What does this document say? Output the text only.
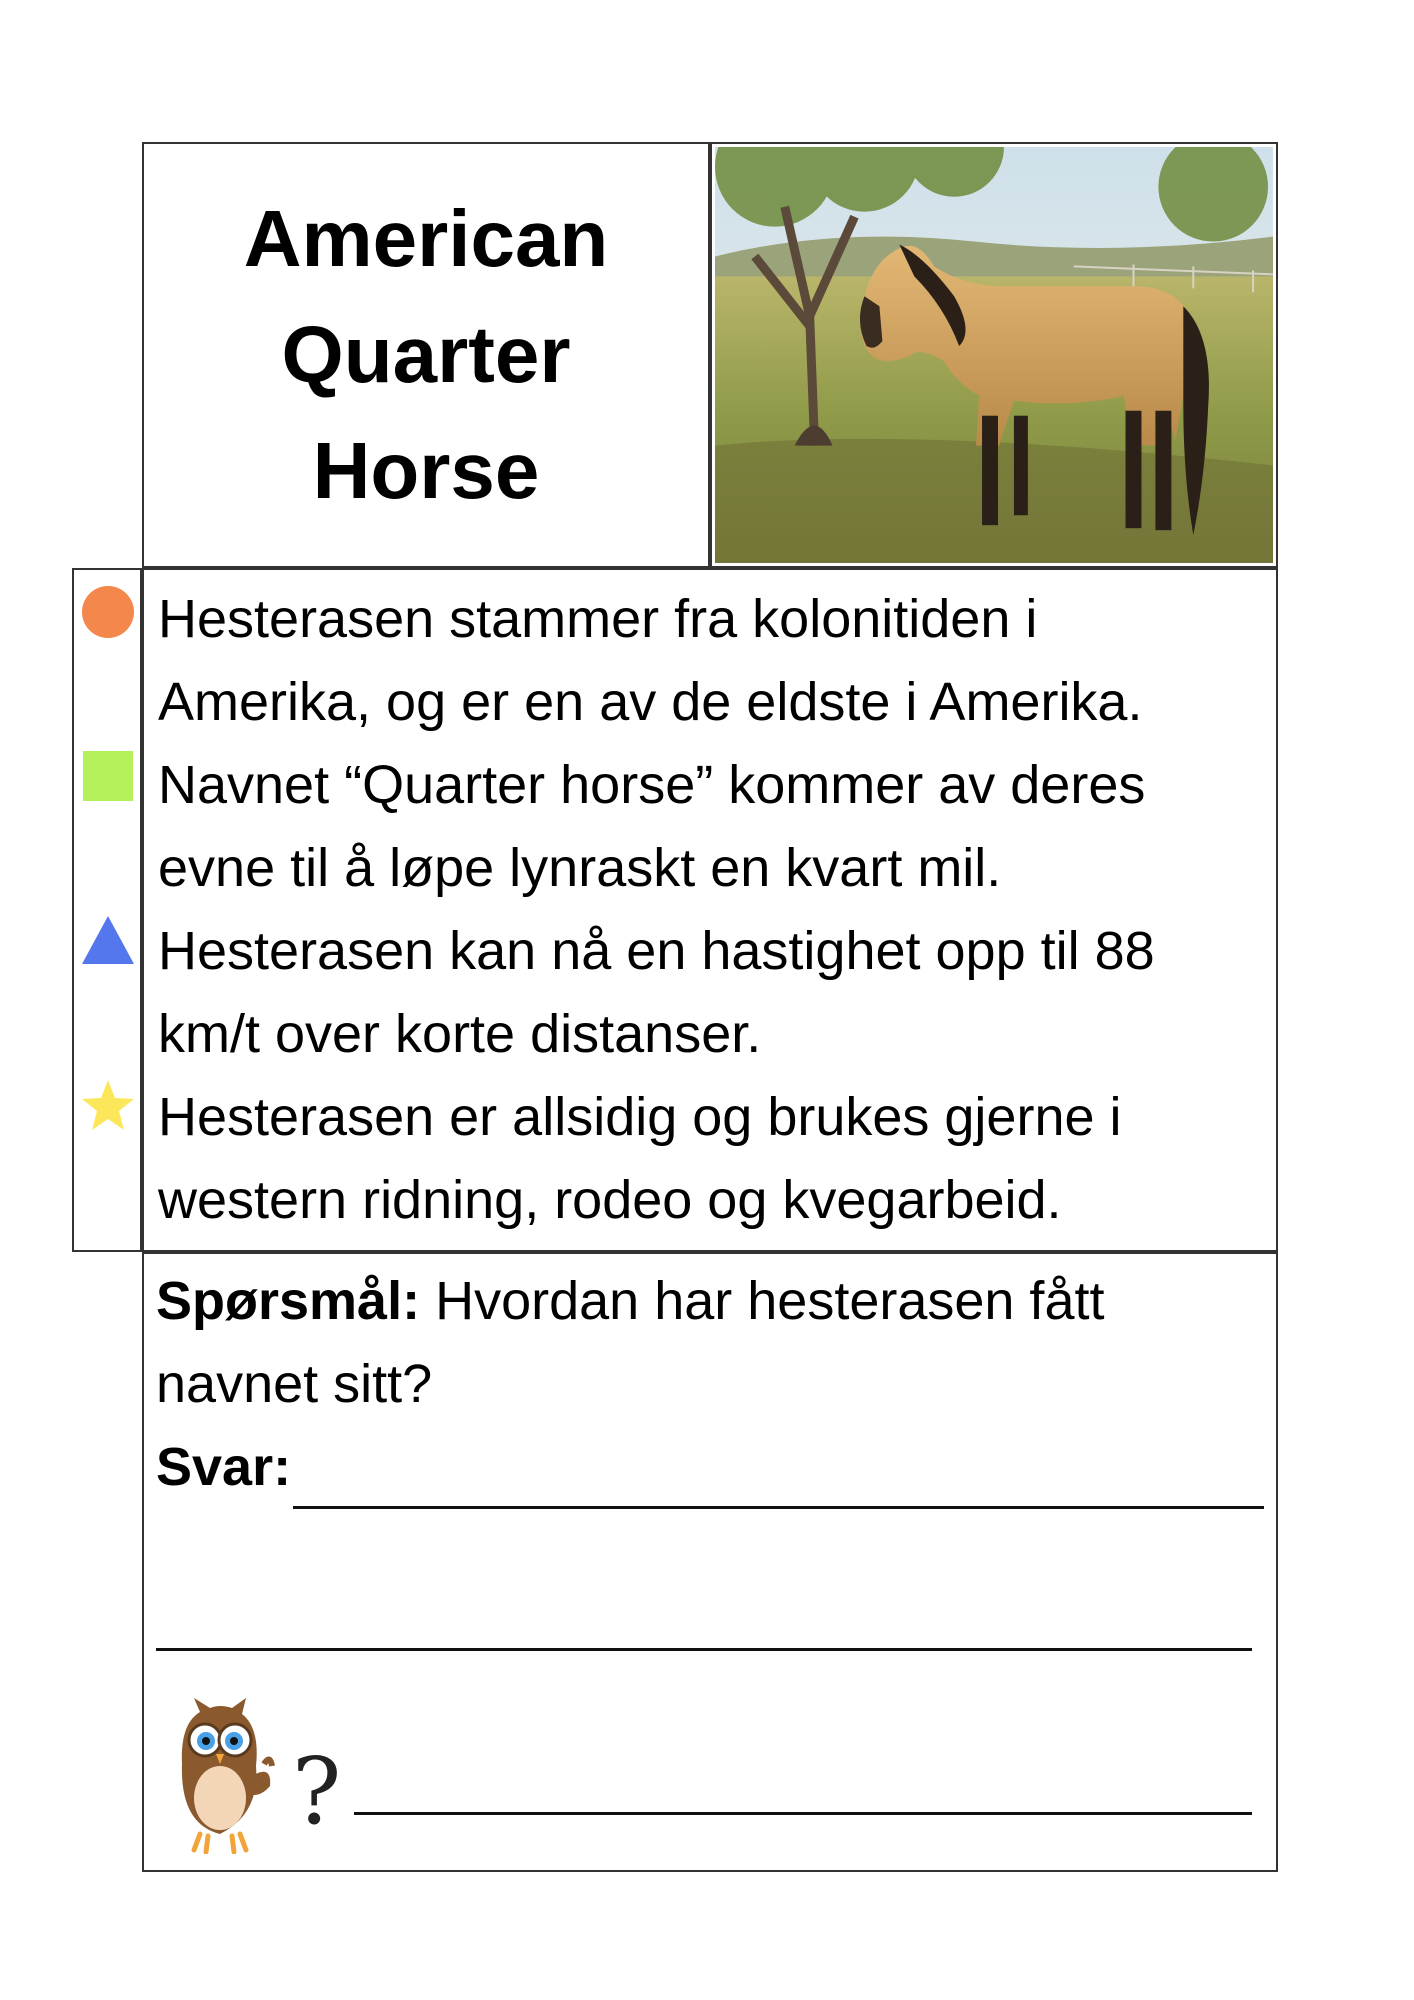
American
Quarter
Horse

Hesterasen stammer fra kolonitiden i

Amerika, og er en av de eldste i Amerika.

Navnet “Quarter horse” kommer av deres

evne til å løpe lynraskt en kvart mil.

Hesterasen kan nå en hastighet opp til 88

km/t over korte distanser.

Hesterasen er allsidig og brukes gjerne i

western ridning, rodeo og kvegarbeid.

Spørsmål: Hvordan har hesterasen fått

navnet sitt?

Svar:
?
